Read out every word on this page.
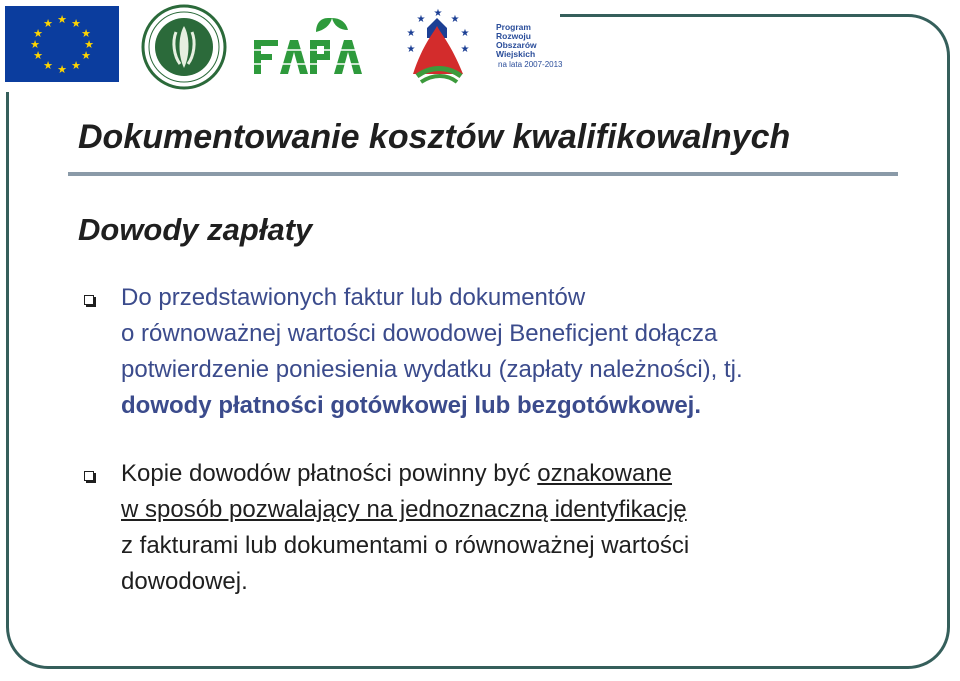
★ ★
★
★
★
★
★
★
★
★
★
★
★
★
★
★
★
★
★
Program
Rozwoju
Obszarów
Wiejskich
na lata 2007-2013
Dokumentowanie kosztów kwalifikowalnych
Dowody zapłaty

Do przedstawionych faktur lub dokumentów
o równoważnej wartości dowodowej Beneficjent dołącza
potwierdzenie poniesienia wydatku (zapłaty należności), tj.
dowody płatności gotówkowej lub bezgotówkowej.

Kopie dowodów płatności powinny być oznakowane
w sposób pozwalający na jednoznaczną identyfikację
z fakturami lub dokumentami o równoważnej wartości
dowodowej.
